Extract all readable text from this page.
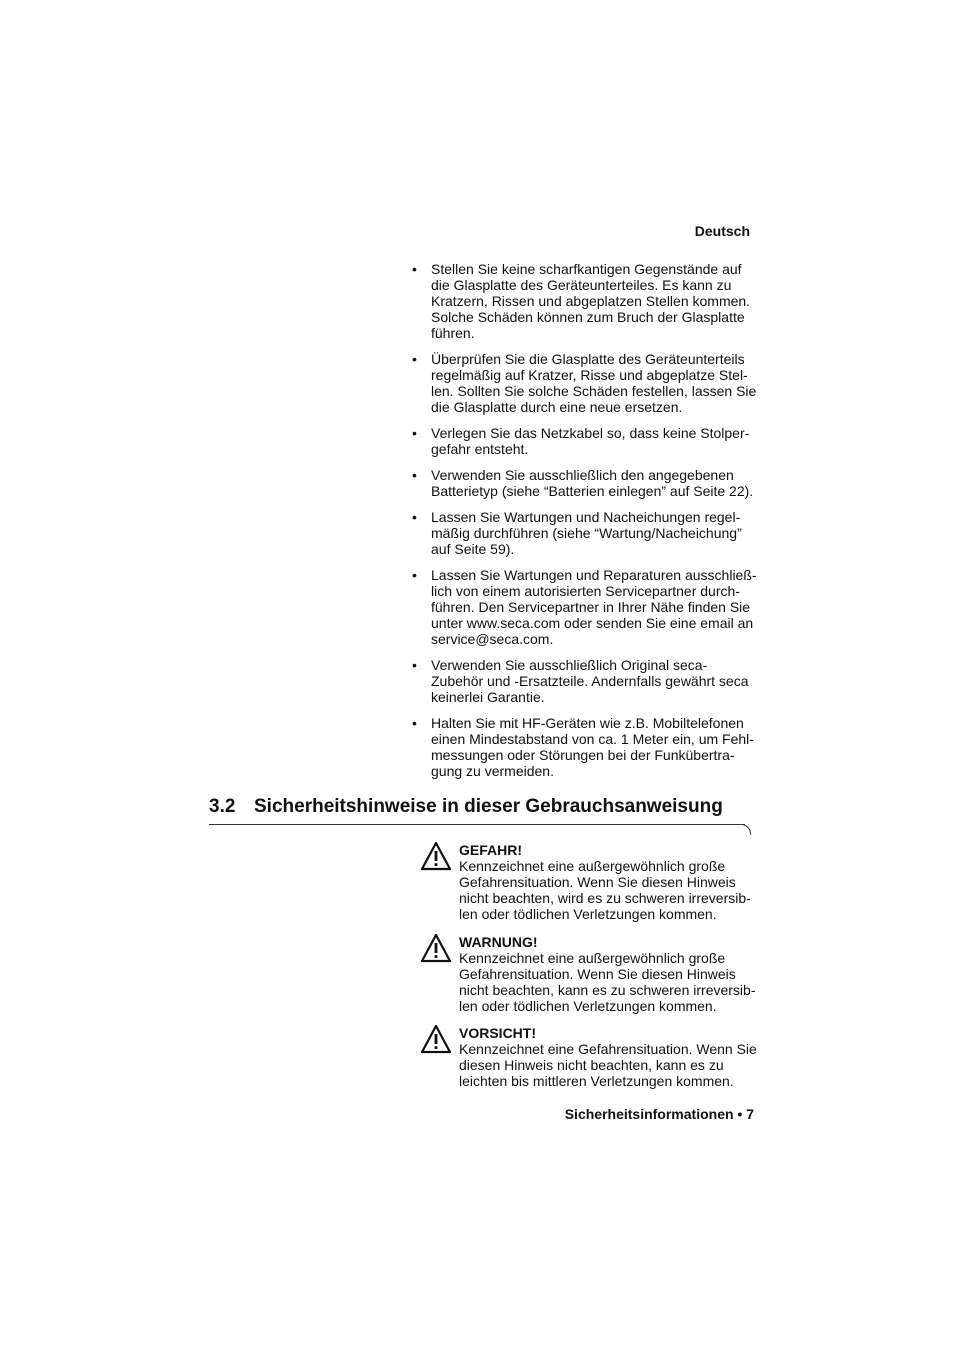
Deutsch
• Stellen Sie keine scharfkantigen Gegenstände auf die Glasplatte des Geräteunterteiles. Es kann zu Kratzern, Rissen und abgeplatzen Stellen kommen. Solche Schäden können zum Bruch der Glasplatte führen.
• Überprüfen Sie die Glasplatte des Geräteunterteils regelmäßig auf Kratzer, Risse und abgeplatze Stel-len. Sollten Sie solche Schäden festellen, lassen Sie die Glasplatte durch eine neue ersetzen.
• Verlegen Sie das Netzkabel so, dass keine Stolper-gefahr entsteht.
• Verwenden Sie ausschließlich den angegebenen Batterietyp (siehe “Batterien einlegen” auf Seite 22).
• Lassen Sie Wartungen und Nacheichungen regel-mäßig durchführen (siehe “Wartung/Nacheichung” auf Seite 59).
• Lassen Sie Wartungen und Reparaturen ausschließ-lich von einem autorisierten Servicepartner durch-führen. Den Servicepartner in Ihrer Nähe finden Sie unter www.seca.com oder senden Sie eine email an service@seca.com.
• Verwenden Sie ausschließlich Original seca-Zubehör und -Ersatzteile. Andernfalls gewährt seca keinerlei Garantie.
• Halten Sie mit HF-Geräten wie z.B. Mobiltelefonen einen Mindestabstand von ca. 1 Meter ein, um Fehl-messungen oder Störungen bei der Funkübertra-gung zu vermeiden.
3.2 Sicherheitshinweise in dieser Gebrauchsanweisung
GEFAHR!
Kennzeichnet eine außergewöhnlich große Gefahrensituation. Wenn Sie diesen Hinweis nicht beachten, wird es zu schweren irreversib-len oder tödlichen Verletzungen kommen.
WARNUNG!
Kennzeichnet eine außergewöhnlich große Gefahrensituation. Wenn Sie diesen Hinweis nicht beachten, kann es zu schweren irreversib-len oder tödlichen Verletzungen kommen.
VORSICHT!
Kennzeichnet eine Gefahrensituation. Wenn Sie diesen Hinweis nicht beachten, kann es zu leichten bis mittleren Verletzungen kommen.
Sicherheitsinformationen • 7
